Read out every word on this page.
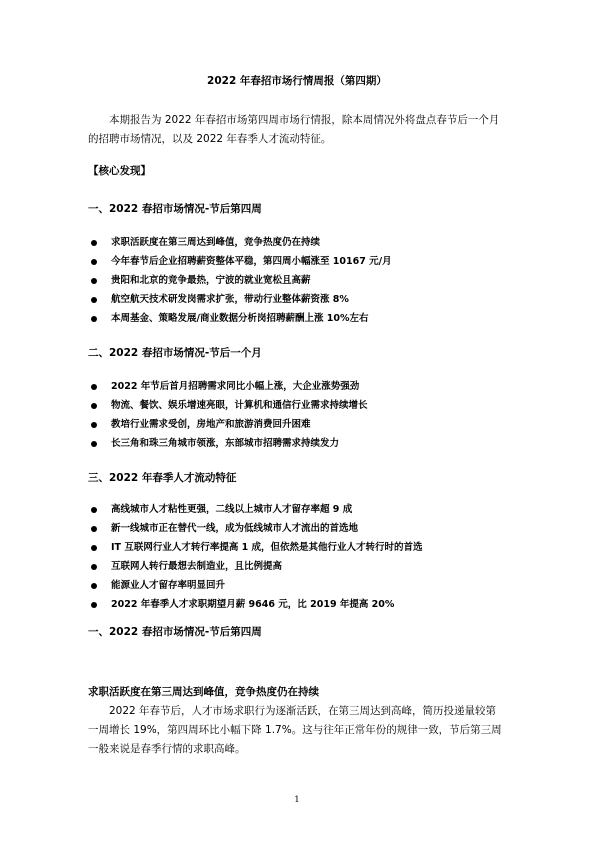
2022 年春招市场行情周报（第四期）
本期报告为 2022 年春招市场第四周市场行情报，除本周情况外将盘点春节后一个月的招聘市场情况，以及 2022 年春季人才流动特征。
【核心发现】
一、2022 春招市场情况-节后第四周
求职活跃度在第三周达到峰值，竞争热度仍在持续
今年春节后企业招聘薪资整体平稳，第四周小幅涨至 10167 元/月
贵阳和北京的竞争最热，宁波的就业宽松且高薪
航空航天技术研发岗需求扩张，带动行业整体薪资涨 8%
本周基金、策略发展/商业数据分析岗招聘薪酬上涨 10%左右
二、2022 春招市场情况-节后一个月
2022 年节后首月招聘需求同比小幅上涨，大企业涨势强劲
物流、餐饮、娱乐增速亮眼，计算机和通信行业需求持续增长
教培行业需求受创，房地产和旅游消费回升困难
长三角和珠三角城市领涨，东部城市招聘需求持续发力
三、2022 年春季人才流动特征
高线城市人才粘性更强，二线以上城市人才留存率超 9 成
新一线城市正在替代一线，成为低线城市人才流出的首选地
IT 互联网行业人才转行率提高 1 成，但依然是其他行业人才转行时的首选
互联网人转行最想去制造业，且比例提高
能源业人才留存率明显回升
2022 年春季人才求职期望月薪 9646 元，比 2019 年提高 20%
一、2022 春招市场情况-节后第四周
求职活跃度在第三周达到峰值，竞争热度仍在持续
2022 年春节后，人才市场求职行为逐渐活跃，在第三周达到高峰，简历投递量较第一周增长 19%，第四周环比小幅下降 1.7%。这与往年正常年份的规律一致，节后第三周一般来说是春季行情的求职高峰。
1
